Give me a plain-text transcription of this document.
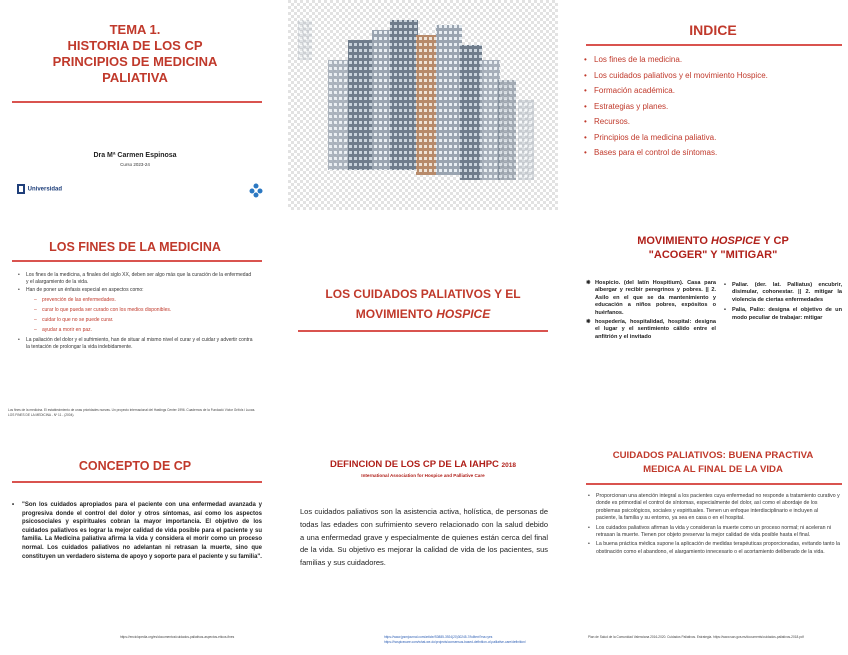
TEMA 1.
HISTORIA DE LOS CP
PRINCIPIOS DE MEDICINA
PALIATIVA
Dra Mª Carmen Espinosa
Curso 2023-24
Universidad
INDICE
• Los fines de la medicina.
• Los cuidados paliativos y el movimiento Hospice.
• Formación académica.
• Estrategias y planes.
• Recursos.
• Principios de la medicina paliativa.
• Bases para el control de síntomas.
LOS FINES DE LA MEDICINA
• Los fines de la medicina, a finales del siglo XX, deben ser algo más que la curación de la enfermedad y el alargamiento de la vida.
• Han de poner un énfasis especial en aspectos como:
– prevención de las enfermedades.
– curar lo que pueda ser curado con los medios disponibles.
– cuidar lo que no se puede curar.
– ayudar a morir en paz.
• La paliación del dolor y el sufrimiento, han de situar al mismo nivel el curar y el cuidar y advertir contra la tentación de prolongar la vida indebidamente.
Los fines de la medicina. El establecimiento de unas prioridades nuevas. Un proyecto internacional del Hastings Center 1996. Cuadernos de la Fundació Víctor Grífols i Lucas. LOS FINES DE LA MEDICINA - Nº 11 - (2004).
LOS CUIDADOS PALIATIVOS Y EL
MOVIMIENTO HOSPICE
MOVIMIENTO HOSPICE Y CP
"ACOGER" Y "MITIGAR"
❋ Hospicio. (del latín Hospitium). Casa para albergar y recibir peregrinos y pobres. || 2. Asilo en el que se da mantenimiento y educación a niños pobres, expósitos o huérfanos.
❋ hospedería, hospitalidad, hospital: designa el lugar y el sentimiento cálido entre el anfitrión y el invitado
• Paliar. (der. lat. Palliatus) encubrir, disimular, cohonestar. || 2. mitigar la violencia de ciertas enfermedades
• Palia, Palio: designa el objetivo de un modo peculiar de trabajar: mitigar
CONCEPTO DE CP
• "Son los cuidados apropiados para el paciente con una enfermedad avanzada y progresiva donde el control del dolor y otros síntomas, así como los aspectos psicosociales y espirituales cobran la mayor importancia. El objetivo de los cuidados paliativos es lograr la mejor calidad de vida posible para el paciente y su familia. La Medicina paliativa afirma la vida y considera el morir como un proceso normal. Los cuidados paliativos no adelantan ni retrasan la muerte, sino que constituyen un verdadero sistema de apoyo y soporte para el paciente y su familia".
https://enciclopedia.org/es/documentos/cuidados-paliativos-aspectos-eticos-fines
DEFINCION DE LOS CP DE LA IAHPC 2018
International Association for Hospice and Palliative Care
Los cuidados paliativos son la asistencia activa, holística, de personas de todas las edades con sufrimiento severo relacionado con la salud debido a una enfermedad grave y especialmente de quienes están cerca del final de la vida. Su objetivo es mejorar la calidad de vida de los pacientes, sus familias y sus cuidadores.
https://www.jpsmjournal.com/article/S0885-3924(20)30245-7/fulltext?rss=yes
https://hospicecare.com/what-we-do/projects/consensus-based-definition-of-palliative-care/definition/
CUIDADOS PALIATIVOS: BUENA PRACTIVA
MEDICA AL FINAL DE LA VIDA
• Proporcionan una atención integral a los pacientes cuya enfermedad no responde a tratamiento curativo y donde es primordial el control de síntomas, especialmente del dolor, así como el abordaje de los problemas psicológicos, sociales y espirituales. Tienen un enfoque interdisciplinario e incluyen al paciente, la familia y su entorno, ya sea en casa o en el hospital.
• Los cuidados paliativos afirman la vida y consideran la muerte como un proceso normal; ni aceleran ni retrasan la muerte. Tienen por objeto preservar la mejor calidad de vida posible hasta el final.
• La buena práctica médica supone la aplicación de medidas terapéuticas proporcionadas, evitando tanto la obstinación como el abandono, el alargamiento innecesario o el acortamiento deliberado de la vida.
Plan de Salud de la Comunidad Valenciana 2016-2020. Cuidados Paliativos. Estrategia. https://www.san.gva.es/documents/cuidados-paliativos-2018.pdf
